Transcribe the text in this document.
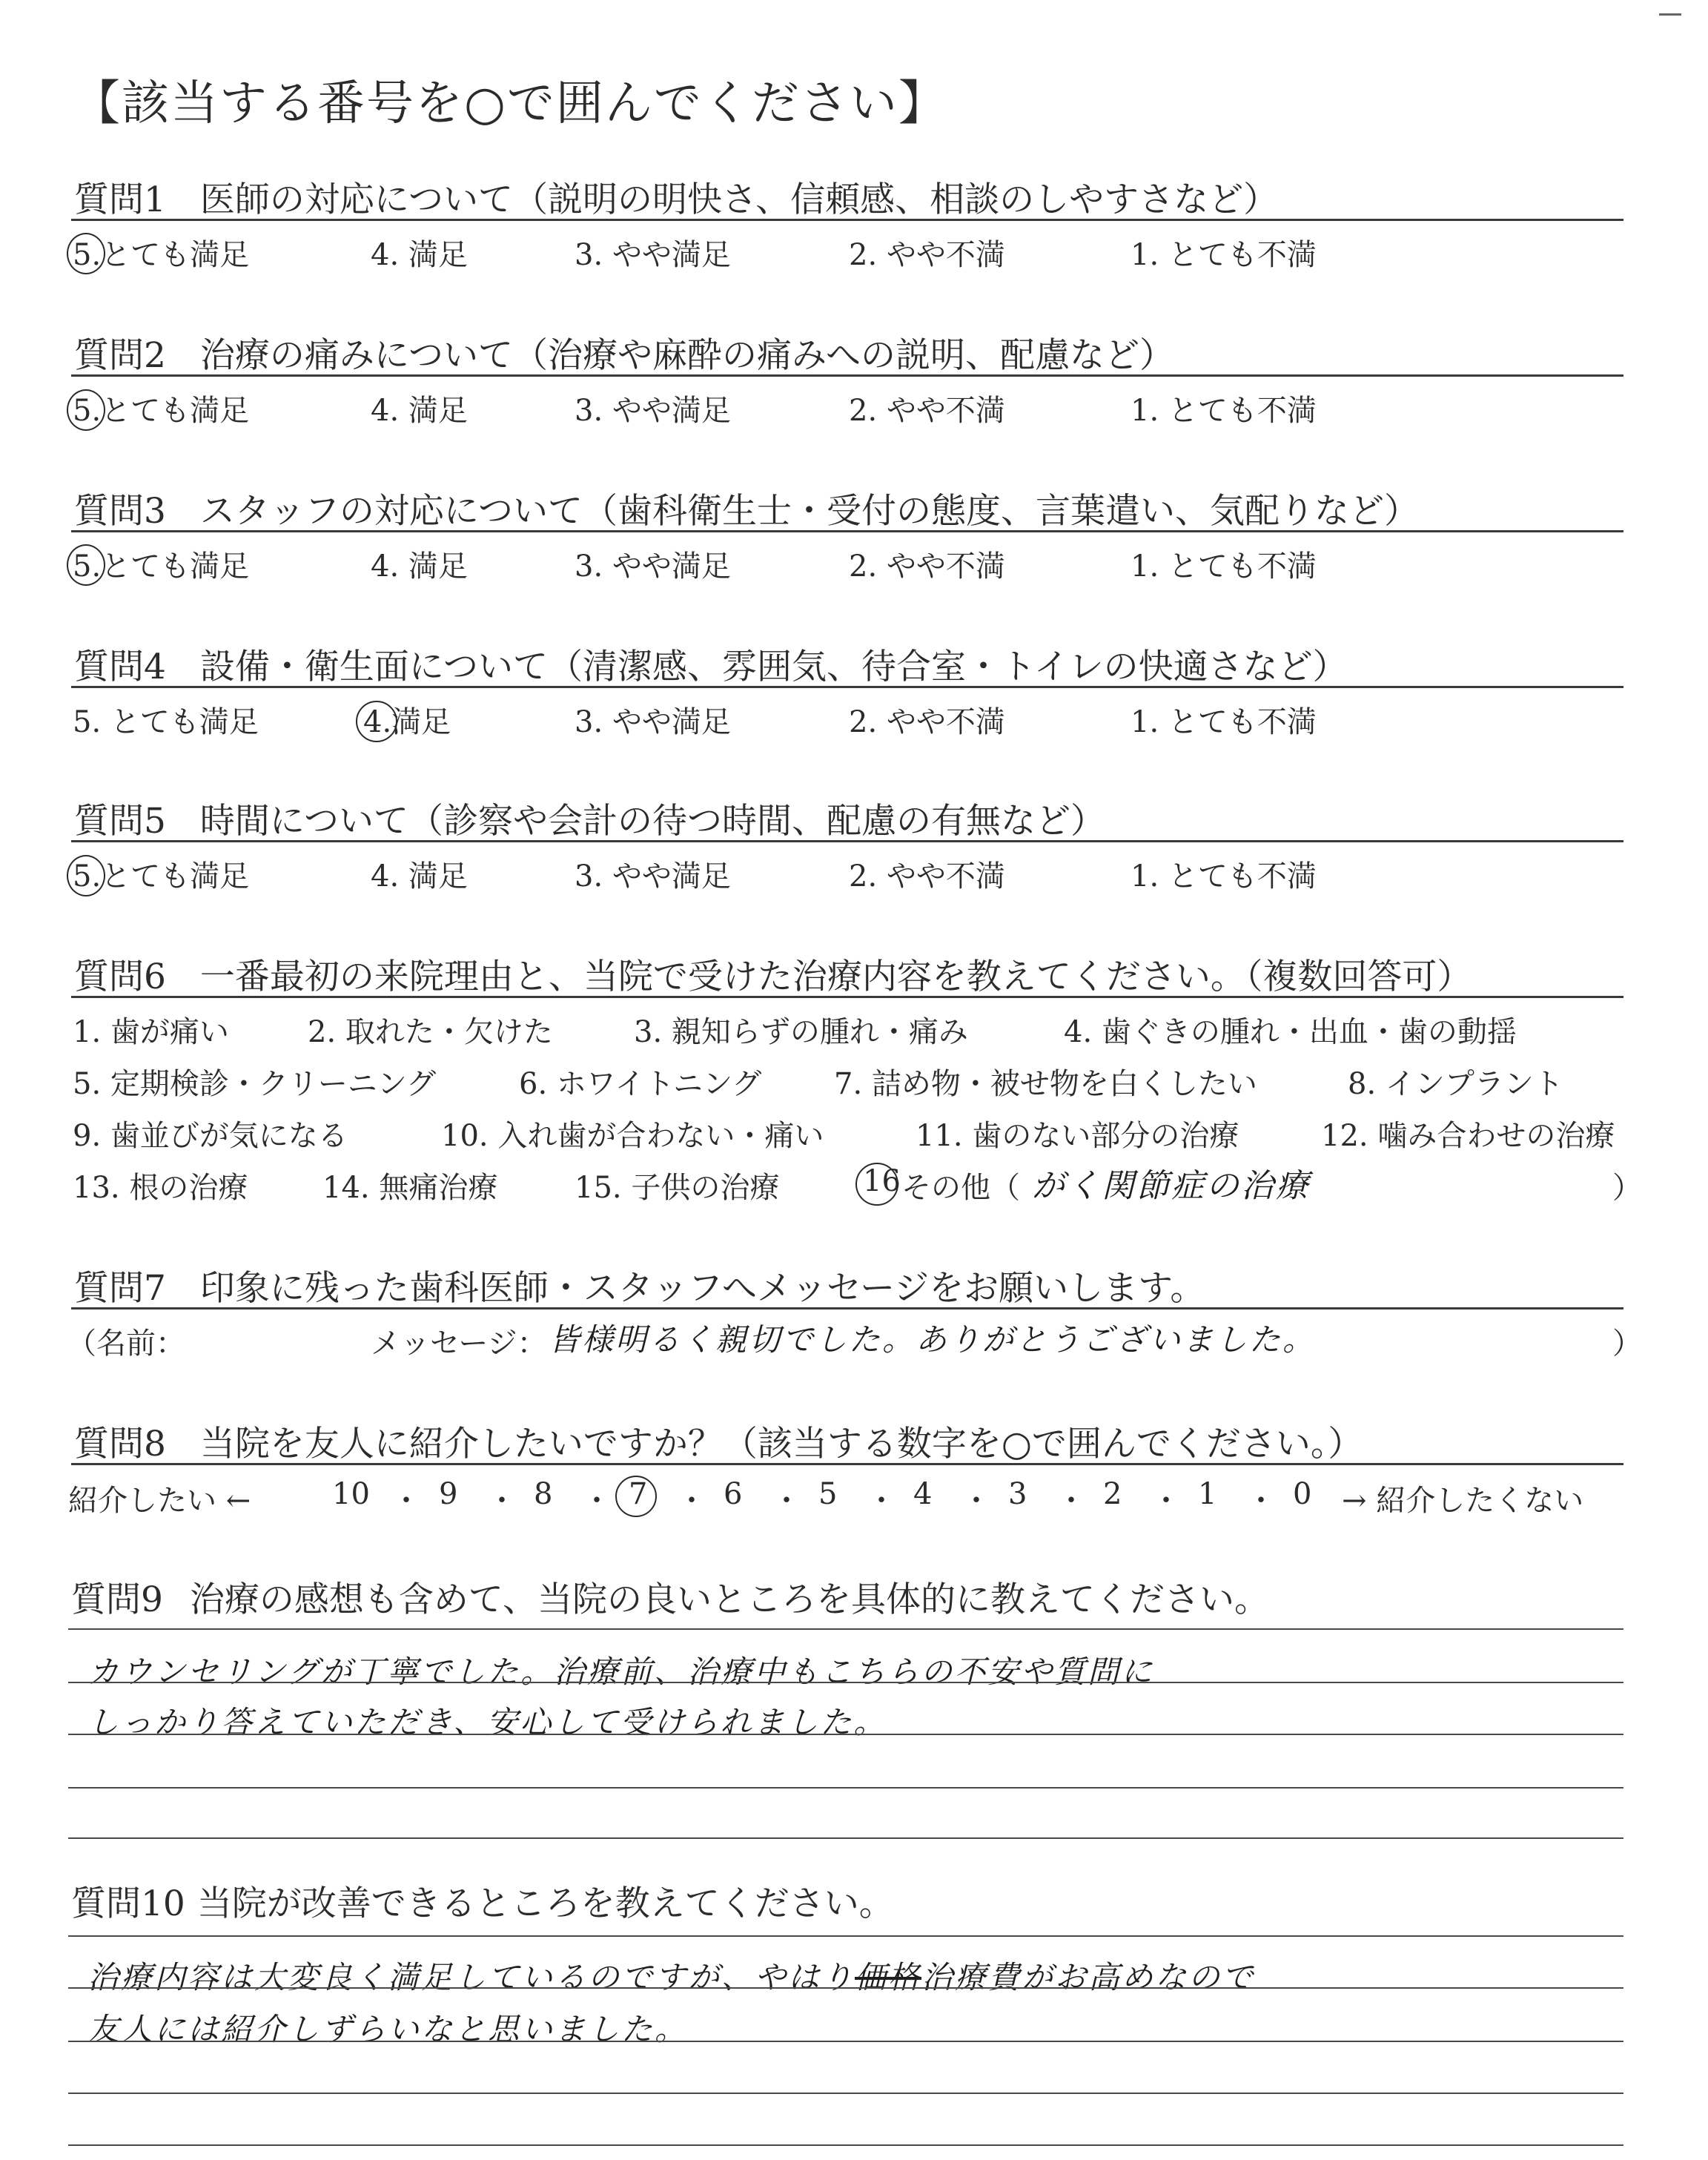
【該当する番号を○で囲んでください】
質問1 医師の対応について（説明の明快さ、信頼感、相談のしやすさなど）
5.とても満足	4. 満足	3. やや満足	2. やや不満	1. とても不満
質問2 治療の痛みについて（治療や麻酔の痛みへの説明、配慮など）
5.とても満足	4. 満足	3. やや満足	2. やや不満	1. とても不満
質問3 スタッフの対応について（歯科衛生士・受付の態度、言葉遣い、気配りなど）
5.とても満足	4. 満足	3. やや満足	2. やや不満	1. とても不満
質問4 設備・衛生面について（清潔感、雰囲気、待合室・トイレの快適さなど）
5. とても満足	4.満足	3. やや満足	2. やや不満	1. とても不満
質問5 時間について（診察や会計の待つ時間、配慮の有無など）
5.とても満足	4. 満足	3. やや満足	2. やや不満	1. とても不満
質問6 一番最初の来院理由と、当院で受けた治療内容を教えてください。（複数回答可）
1. 歯が痛い	2. 取れた・欠けた	3. 親知らずの腫れ・痛み	4. 歯ぐきの腫れ・出血・歯の動揺
5. 定期検診・クリーニング	6. ホワイトニング 7. 詰め物・被せ物を白くしたい	8. インプラント
9. 歯並びが気になる	10. 入れ歯が合わない・痛い	11. 歯のない部分の治療	12. 噛み合わせの治療
13. 根の治療	14. 無痛治療	15. 子供の治療	16 その他（ がく関節症の治療	）
質問7 印象に残った歯科医師・スタッフへメッセージをお願いします。
（名前：	メッセージ： 皆様明るく親切でした。ありがとうございました。	）
質問8 当院を友人に紹介したいですか？（該当する数字を○で囲んでください。）
紹介したい ←	10 ・ 9 ・ 8 ・ 7 ・ 6 ・ 5 ・ 4 ・ 3 ・ 2 ・ 1 ・ 0 → 紹介したくない
質問9 治療の感想も含めて、当院の良いところを具体的に教えてください。
カウンセリングが丁寧でした。治療前、治療中もこちらの不安や質問に
しっかり答えていただき、安心して受けられました。
質問10 当院が改善できるところを教えてください。
治療内容は大変良く満足しているのですが、やはり価格治療費がお高めなので
友人には紹介しずらいなと思いました。
